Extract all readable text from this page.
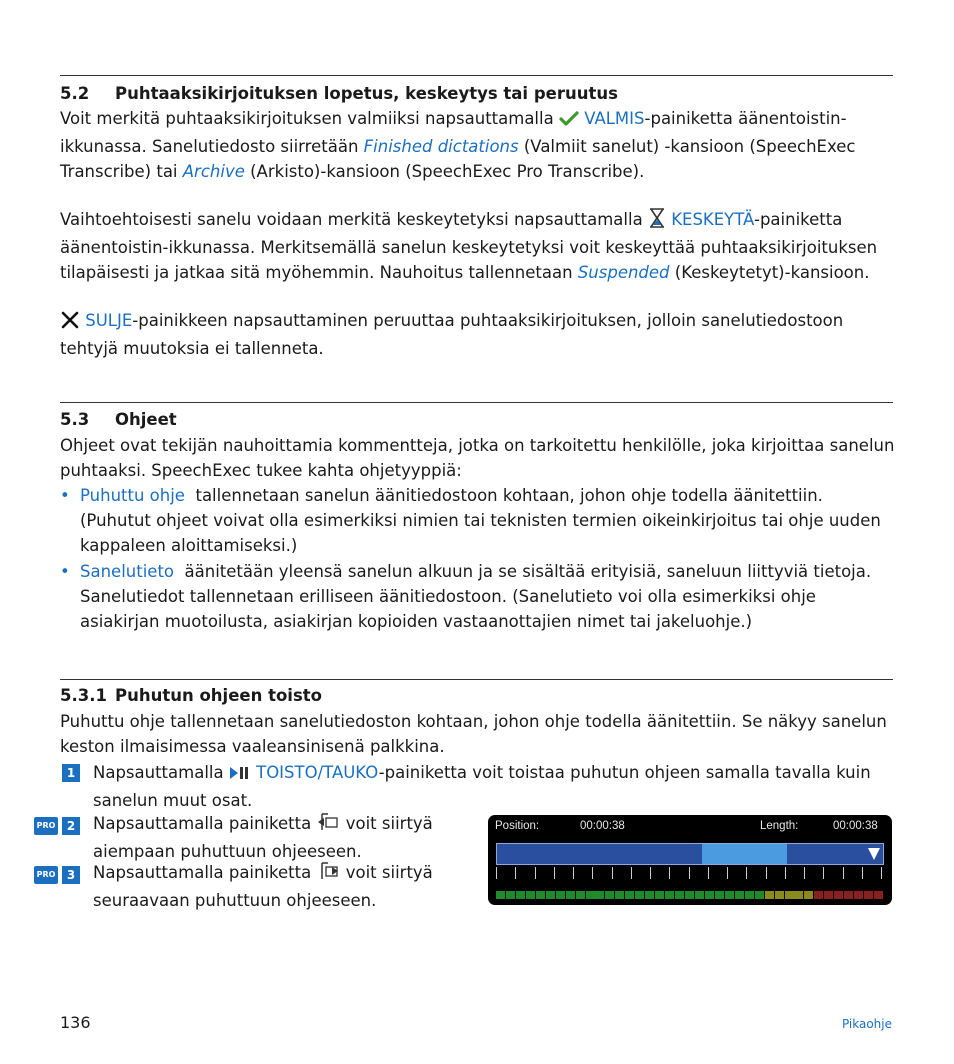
5.2 Puhtaaksikirjoituksen lopetus, keskeytys tai peruutus

Voit merkitä puhtaaksikirjoituksen valmiiksi napsauttamalla VALMIS-painiketta äänentoistin-ikkunassa. Sanelutiedosto siirretään Finished dictations (Valmiit sanelut) -kansioon (SpeechExec Transcribe) tai Archive (Arkisto)-kansioon (SpeechExec Pro Transcribe).

Vaihtoehtoisesti sanelu voidaan merkitä keskeytetyksi napsauttamalla KESKEYTÄ-painiketta äänentoistin-ikkunassa. Merkitsemällä sanelun keskeytetyksi voit keskeyttää puhtaaksikirjoituksen tilapäisesti ja jatkaa sitä myöhemmin. Nauhoitus tallennetaan Suspended (Keskeytetyt)-kansioon.

SULJE-painikkeen napsauttaminen peruuttaa puhtaaksikirjoituksen, jolloin sanelutiedostoon tehtyjä muutoksia ei tallenneta.

5.3 Ohjeet

Ohjeet ovat tekijän nauhoittamia kommentteja, jotka on tarkoitettu henkilölle, joka kirjoittaa sanelun puhtaaksi. SpeechExec tukee kahta ohjetyyppiä:

• Puhuttu ohje tallennetaan sanelun äänitiedostoon kohtaan, johon ohje todella äänitettiin. (Puhutut ohjeet voivat olla esimerkiksi nimien tai teknisten termien oikeinkirjoitus tai ohje uuden kappaleen aloittamiseksi.)
• Sanelutieto äänitetään yleensä sanelun alkuun ja se sisältää erityisiä, saneluun liittyviä tietoja. Sanelutiedot tallennetaan erilliseen äänitiedostoon. (Sanelutieto voi olla esimerkiksi ohje asiakirjan muotoilusta, asiakirjan kopioiden vastaanottajien nimet tai jakeluohje.)
5.3.1 Puhutun ohjeen toisto

Puhuttu ohje tallennetaan sanelutiedoston kohtaan, johon ohje todella äänitettiin. Se näkyy sanelun keston ilmaisimessa vaaleansinisenä palkkina.

1 Napsauttamalla TOISTO/TAUKO-painiketta voit toistaa puhutun ohjeen samalla tavalla kuin sanelun muut osat.
PRO 2 Napsauttamalla painiketta voit siirtyä aiempaan puhuttuun ohjeeseen.
PRO 3 Napsauttamalla painiketta voit siirtyä seuraavaan puhuttuun ohjeeseen.
Position:	00:00:38	Length:	00:00:38
136	Pikaohje
